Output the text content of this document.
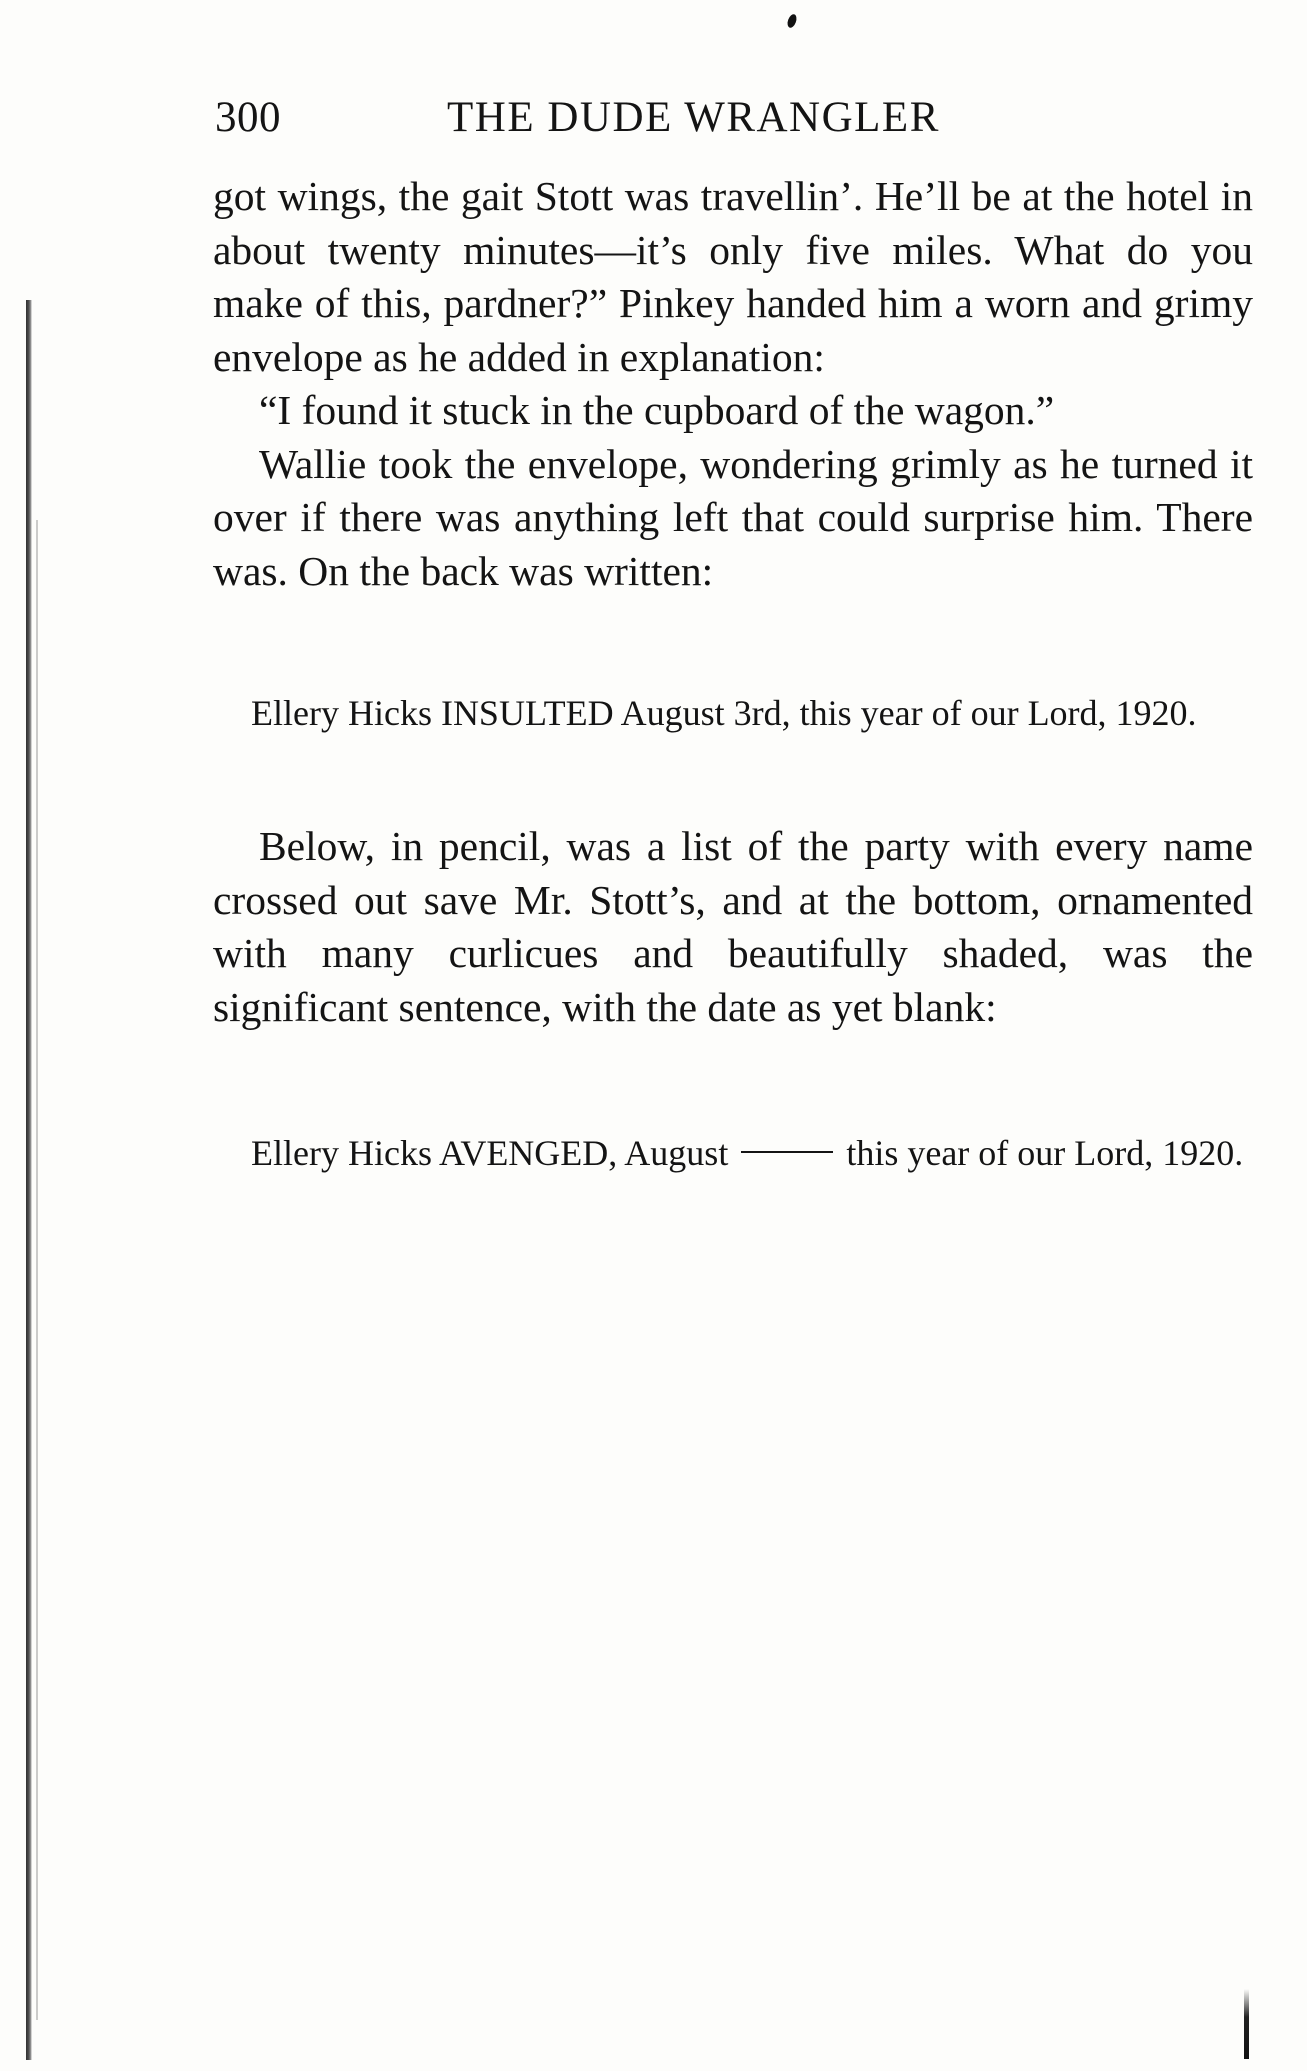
300	THE DUDE WRANGLER

got wings, the gait Stott was travellin’. He’ll be at the hotel in about twenty minutes—it’s only five miles. What do you make of this, pardner?” Pinkey handed him a worn and grimy envelope as he added in explanation:

“I found it stuck in the cupboard of the wagon.”

Wallie took the envelope, wondering grimly as he turned it over if there was anything left that could surprise him. There was. On the back was written:

Ellery Hicks INSULTED August 3rd, this year of our Lord, 1920.

Below, in pencil, was a list of the party with every name crossed out save Mr. Stott’s, and at the bottom, ornamented with many curlicues and beautifully shaded, was the significant sentence, with the date as yet blank:

Ellery Hicks AVENGED, August	this year of our Lord, 1920.
